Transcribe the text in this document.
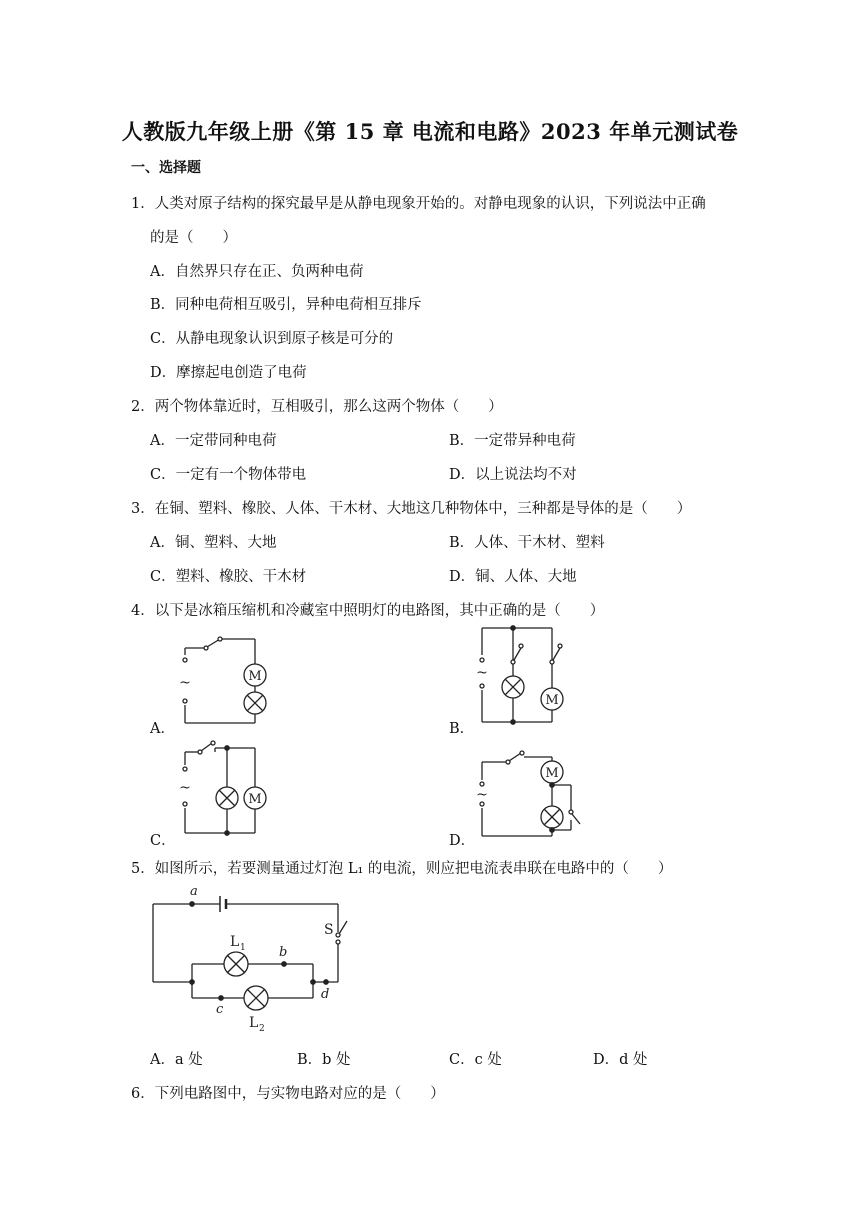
人教版九年级上册《第 15 章 电流和电路》2023 年单元测试卷
一、选择题
1．人类对原子结构的探究最早是从静电现象开始的。对静电现象的认识，下列说法中正确
的是（　　）
A．自然界只存在正、负两种电荷
B．同种电荷相互吸引，异种电荷相互排斥
C．从静电现象认识到原子核是可分的
D．摩擦起电创造了电荷
2．两个物体靠近时，互相吸引，那么这两个物体（　　）
A．一定带同种电荷	B．一定带异种电荷
C．一定有一个物体带电	D．以上说法均不对
3．在铜、塑料、橡胶、人体、干木材、大地这几种物体中，三种都是导体的是（　　）
A．铜、塑料、大地	B．人体、干木材、塑料
C．塑料、橡胶、干木材	D．铜、人体、大地
4．以下是冰箱压缩机和冷藏室中照明灯的电路图，其中正确的是（　　）
A．	B．
C．	D．
~	M	~
M
~
M	~
M
5．如图所示，若要测量通过灯泡 L₁ 的电流，则应把电流表串联在电路中的（　　）
a
b
c
d
S
L 1
L 2
A．a 处	B．b 处	C．c 处	D．d 处
6．下列电路图中，与实物电路对应的是（　　）
